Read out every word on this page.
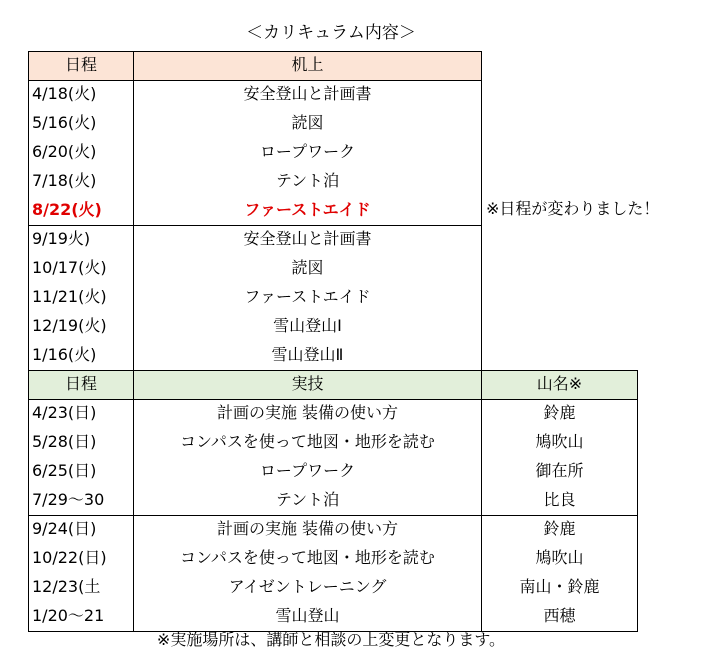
＜カリキュラム内容＞
日程	机上
4/18(火)	安全登山と計画書
5/16(火)	読図
6/20(火)	ロープワーク
7/18(火)	テント泊
8/22(火)	ファーストエイド
9/19火)	安全登山と計画書
10/17(火)	読図
11/21(火)	ファーストエイド
12/19(火)	雪山登山Ⅰ
1/16(火)	雪山登山Ⅱ
日程	実技	山名※
4/23(日)	計画の実施 装備の使い方	鈴鹿
5/28(日)	コンパスを使って地図・地形を読む	鳩吹山
6/25(日)	ロープワーク	御在所
7/29〜30	テント泊	比良
9/24(日)	計画の実施 装備の使い方	鈴鹿
10/22(日)	コンパスを使って地図・地形を読む	鳩吹山
12/23(土	アイゼントレーニング	南山・鈴鹿
1/20〜21	雪山登山	西穂
※日程が変わりました！
※実施場所は、講師と相談の上変更となります。
